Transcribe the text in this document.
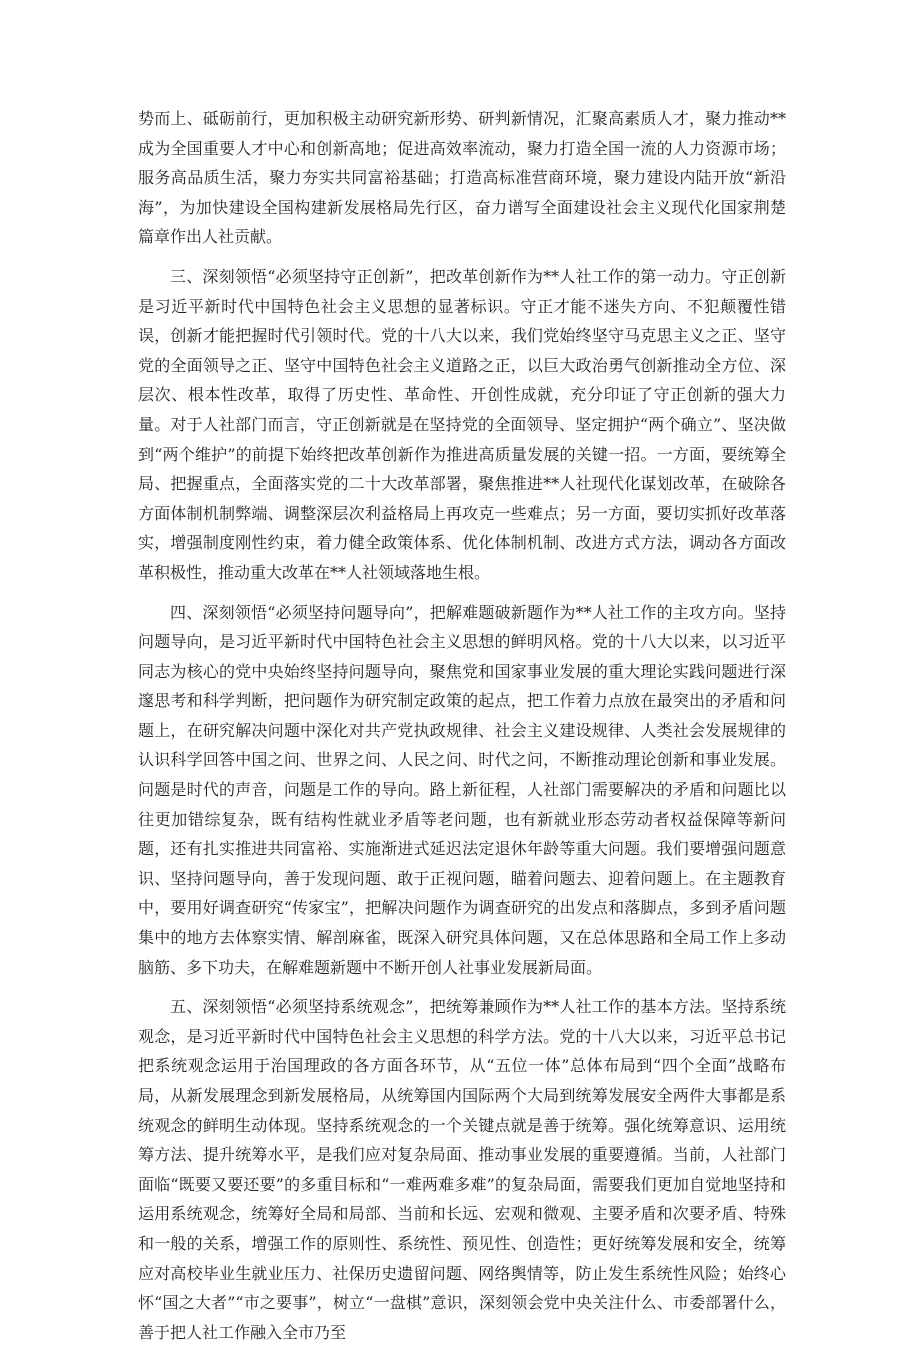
势而上、砥砺前行，更加积极主动研究新形势、研判新情况，汇聚高素质人才，聚力推动**成为全国重要人才中心和创新高地；促进高效率流动，聚力打造全国一流的人力资源市场；服务高品质生活，聚力夯实共同富裕基础；打造高标准营商环境，聚力建设内陆开放“新沿海”，为加快建设全国构建新发展格局先行区，奋力谱写全面建设社会主义现代化国家荆楚篇章作出人社贡献。

三、深刻领悟“必须坚持守正创新”，把改革创新作为**人社工作的第一动力。守正创新是习近平新时代中国特色社会主义思想的显著标识。守正才能不迷失方向、不犯颠覆性错误，创新才能把握时代引领时代。党的十八大以来，我们党始终坚守马克思主义之正、坚守党的全面领导之正、坚守中国特色社会主义道路之正，以巨大政治勇气创新推动全方位、深层次、根本性改革，取得了历史性、革命性、开创性成就，充分印证了守正创新的强大力量。对于人社部门而言，守正创新就是在坚持党的全面领导、坚定拥护“两个确立”、坚决做到“两个维护”的前提下始终把改革创新作为推进高质量发展的关键一招。一方面，要统筹全局、把握重点，全面落实党的二十大改革部署，聚焦推进**人社现代化谋划改革，在破除各方面体制机制弊端、调整深层次利益格局上再攻克一些难点；另一方面，要切实抓好改革落实，增强制度刚性约束，着力健全政策体系、优化体制机制、改进方式方法，调动各方面改革积极性，推动重大改革在**人社领域落地生根。

四、深刻领悟“必须坚持问题导向”，把解难题破新题作为**人社工作的主攻方向。坚持问题导向，是习近平新时代中国特色社会主义思想的鲜明风格。党的十八大以来，以习近平同志为核心的党中央始终坚持问题导向，聚焦党和国家事业发展的重大理论实践问题进行深邃思考和科学判断，把问题作为研究制定政策的起点，把工作着力点放在最突出的矛盾和问题上，在研究解决问题中深化对共产党执政规律、社会主义建设规律、人类社会发展规律的认识科学回答中国之问、世界之问、人民之问、时代之问，不断推动理论创新和事业发展。问题是时代的声音，问题是工作的导向。路上新征程，人社部门需要解决的矛盾和问题比以往更加错综复杂，既有结构性就业矛盾等老问题，也有新就业形态劳动者权益保障等新问题，还有扎实推进共同富裕、实施渐进式延迟法定退休年龄等重大问题。我们要增强问题意识、坚持问题导向，善于发现问题、敢于正视问题，瞄着问题去、迎着问题上。在主题教育中，要用好调查研究“传家宝”，把解决问题作为调查研究的出发点和落脚点，多到矛盾问题集中的地方去体察实情、解剖麻雀，既深入研究具体问题，又在总体思路和全局工作上多动脑筋、多下功夫，在解难题新题中不断开创人社事业发展新局面。

五、深刻领悟“必须坚持系统观念”，把统筹兼顾作为**人社工作的基本方法。坚持系统观念，是习近平新时代中国特色社会主义思想的科学方法。党的十八大以来，习近平总书记把系统观念运用于治国理政的各方面各环节，从“五位一体”总体布局到“四个全面”战略布局，从新发展理念到新发展格局，从统筹国内国际两个大局到统筹发展安全两件大事都是系统观念的鲜明生动体现。坚持系统观念的一个关键点就是善于统筹。强化统筹意识、运用统筹方法、提升统筹水平，是我们应对复杂局面、推动事业发展的重要遵循。当前，人社部门面临“既要又要还要”的多重目标和“一难两难多难”的复杂局面，需要我们更加自觉地坚持和运用系统观念，统筹好全局和局部、当前和长远、宏观和微观、主要矛盾和次要矛盾、特殊和一般的关系，增强工作的原则性、系统性、预见性、创造性；更好统筹发展和安全，统筹应对高校毕业生就业压力、社保历史遗留问题、网络舆情等，防止发生系统性风险；始终心怀“国之大者”“市之要事”，树立“一盘棋”意识，深刻领会党中央关注什么、市委部署什么，善于把人社工作融入全市乃至
